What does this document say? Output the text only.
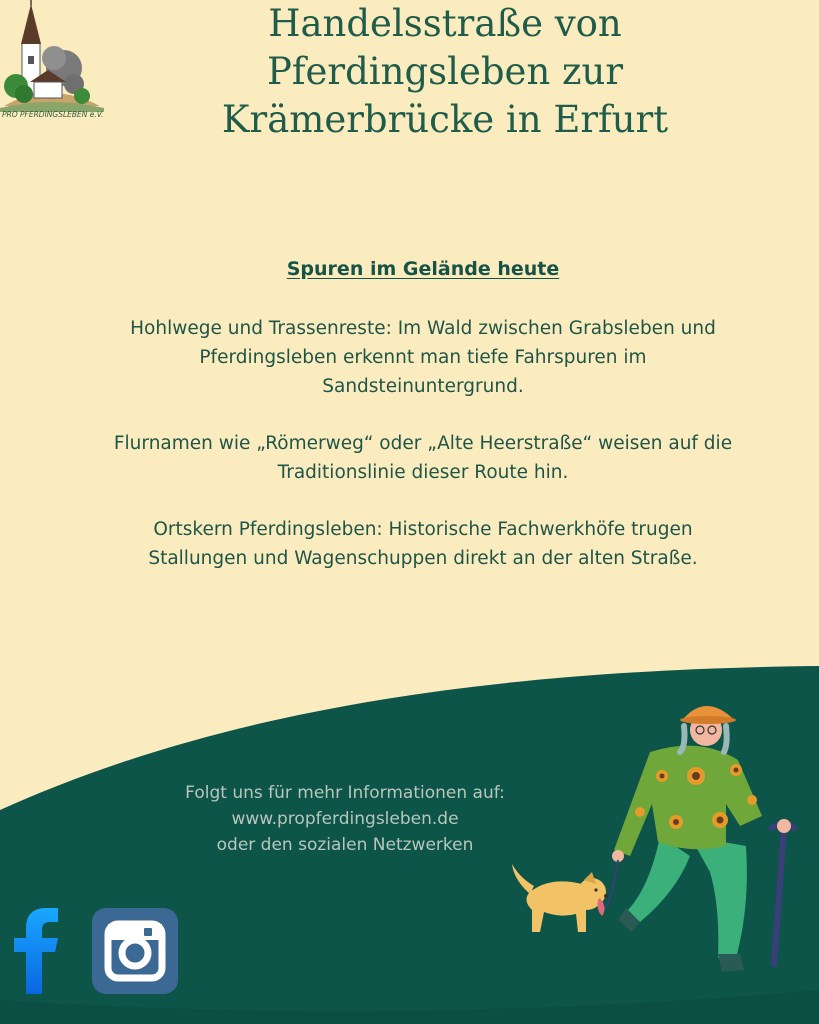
PRO PFERDINGSLEBEN e.V.
Handelsstraße von
Pferdingsleben zur
Krämerbrücke in Erfurt
Spuren im Gelände heute

Hohlwege und Trassenreste: Im Wald zwischen Grabsleben und
Pferdingsleben erkennt man tiefe Fahrspuren im
Sandsteinuntergrund.

Flurnamen wie „Römerweg“ oder „Alte Heerstraße“ weisen auf die
Traditionslinie dieser Route hin.

Ortskern Pferdingsleben: Historische Fachwerkhöfe trugen
Stallungen und Wagenschuppen direkt an der alten Straße.

Folgt uns für mehr Informationen auf:
www.propferdingsleben.de
oder den sozialen Netzwerken
